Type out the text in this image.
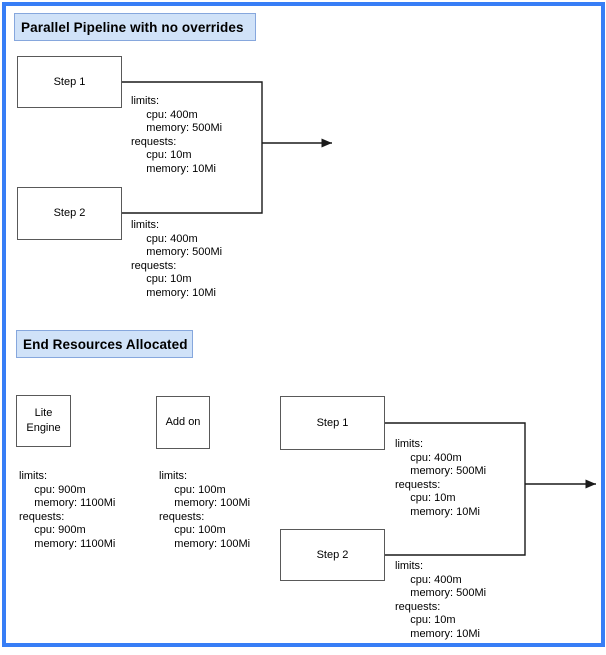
Parallel Pipeline with no overrides
Step 1
limits:
cpu: 400m
memory: 500Mi
requests:
cpu: 10m
memory: 10Mi
Step 2
limits:
cpu: 400m
memory: 500Mi
requests:
cpu: 10m
memory: 10Mi
End Resources Allocated
Lite Engine
limits:
cpu: 900m
memory: 1100Mi
requests:
cpu: 900m
memory: 1100Mi
Add on
limits:
cpu: 100m
memory: 100Mi
requests:
cpu: 100m
memory: 100Mi
Step 1
limits:
cpu: 400m
memory: 500Mi
requests:
cpu: 10m
memory: 10Mi
Step 2
limits:
cpu: 400m
memory: 500Mi
requests:
cpu: 10m
memory: 10Mi
